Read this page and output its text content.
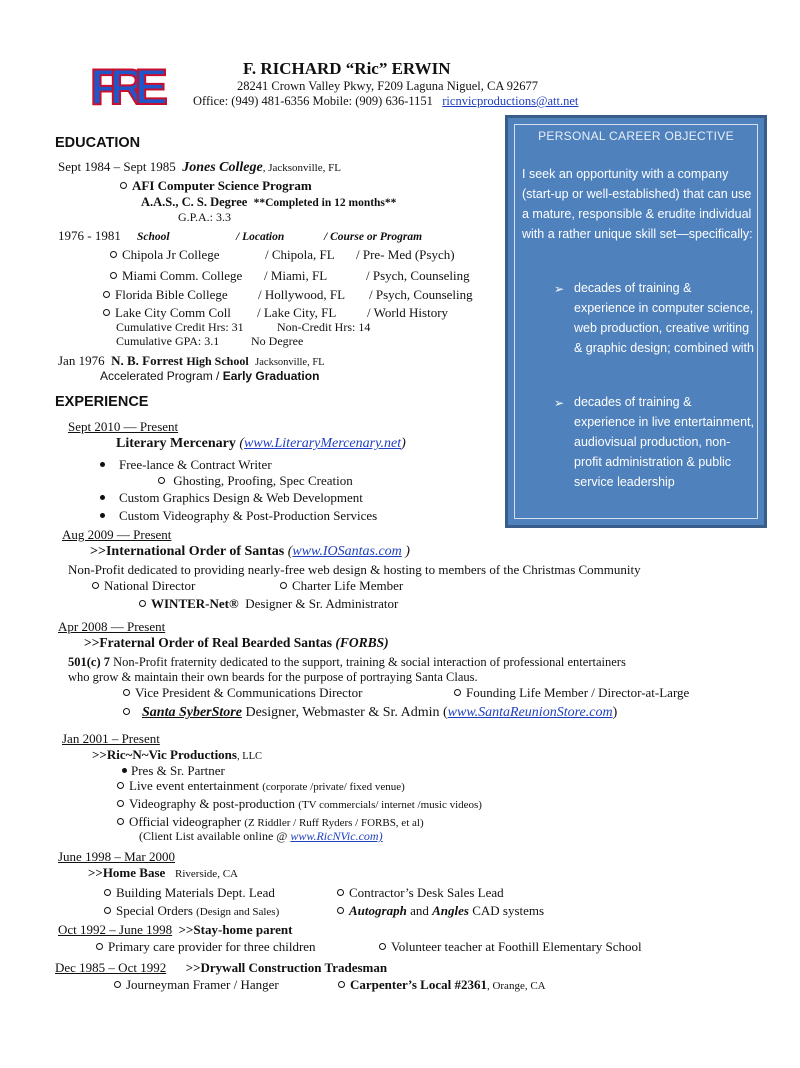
FRE	F. RICHARD “Ric” ERWIN
28241 Crown Valley Pkwy, F209 Laguna Niguel, CA 92677
Office: (949) 481-6356 Mobile: (909) 636-1151 ricnvicproductions@att.net
PERSONAL CAREER OBJECTIVE
I seek an opportunity with a company (start-up or well-established) that can use a mature, responsible & erudite individual with a rather unique skill set—specifically:
➢ decades of training & experience in computer science, web production, creative writing & graphic design; combined with
➢ decades of training & experience in live entertainment, audiovisual production, non-profit administration & public service leadership
EDUCATION
Sept 1984 – Sept 1985 Jones College, Jacksonville, FL
AFI Computer Science Program
A.A.S., C. S. Degree **Completed in 12 months**
G.P.A.: 3.3
1976 - 1981 School	/ Location	/ Course or Program
Chipola Jr College	/ Chipola, FL / Pre- Med (Psych)
Miami Comm. College / Miami, FL	/ Psych, Counseling
Florida Bible College / Hollywood, FL / Psych, Counseling
Lake City Comm Coll / Lake City, FL / World History
Cumulative Credit Hrs: 31	Non-Credit Hrs: 14
Cumulative GPA: 3.1	No Degree
Jan 1976 N. B. Forrest High School Jacksonville, FL
Accelerated Program / Early Graduation
EXPERIENCE
Sept 2010 — Present
Literary Mercenary (www.LiteraryMercenary.net)
Free-lance & Contract Writer
Ghosting, Proofing, Spec Creation
Custom Graphics Design & Web Development
Custom Videography & Post-Production Services
Aug 2009 — Present
>>International Order of Santas (www.IOSantas.com )
Non-Profit dedicated to providing nearly-free web design & hosting to members of the Christmas Community
National Director	Charter Life Member
WINTER-Net® Designer & Sr. Administrator
Apr 2008 — Present
>>Fraternal Order of Real Bearded Santas (FORBS)
501(c) 7 Non-Profit fraternity dedicated to the support, training & social interaction of professional entertainers
who grow & maintain their own beards for the purpose of portraying Santa Claus.
Vice President & Communications Director	Founding Life Member / Director-at-Large
Santa SyberStore Designer, Webmaster & Sr. Admin (www.SantaReunionStore.com)
Jan 2001 – Present
>>Ric~N~Vic Productions, LLC
Pres & Sr. Partner
Live event entertainment (corporate /private/ fixed venue)
Videography & post-production (TV commercials/ internet /music videos)
Official videographer (Z Riddler / Ruff Ryders / FORBS, et al)
(Client List available online @ www.RicNVic.com)
June 1998 – Mar 2000
>>Home Base Riverside, CA
Building Materials Dept. Lead	Contractor’s Desk Sales Lead
Special Orders (Design and Sales)	Autograph and Angles CAD systems
Oct 1992 – June 1998 >>Stay-home parent
Primary care provider for three children	Volunteer teacher at Foothill Elementary School
Dec 1985 – Oct 1992 >>Drywall Construction Tradesman
Journeyman Framer / Hanger	Carpenter’s Local #2361, Orange, CA
